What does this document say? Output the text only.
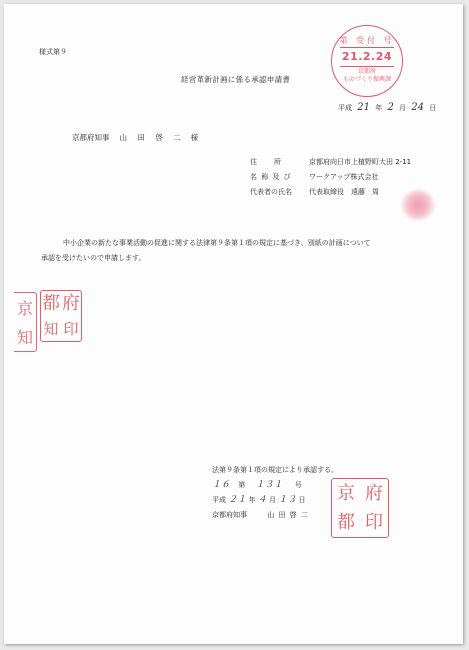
様式第９
第 受付 号
21.2.24
京都府
ものづくり振興課
経営革新計画に係る承認申請書
平成 21 年 2 月 24 日
京都府知事 山 田 啓 二 様
住　　所	京都府向日市上植野町大田 2-11
名 称 及 び ワークアップ株式会社
代表者の氏名 代表取締役　遠藤　周
中小企業の新たな事業活動の促進に関する法律第９条第１項の規定に基づき、別紙の計画について
承認を受けたいので申請します。
京
知
都 府
知 印
法第９条第１項の規定により承認する。
１６ 第 １３１ 号
平成 ２１ 年 ４ 月 １３ 日
京都府知事	山 田 啓 二
京 府
都 印
